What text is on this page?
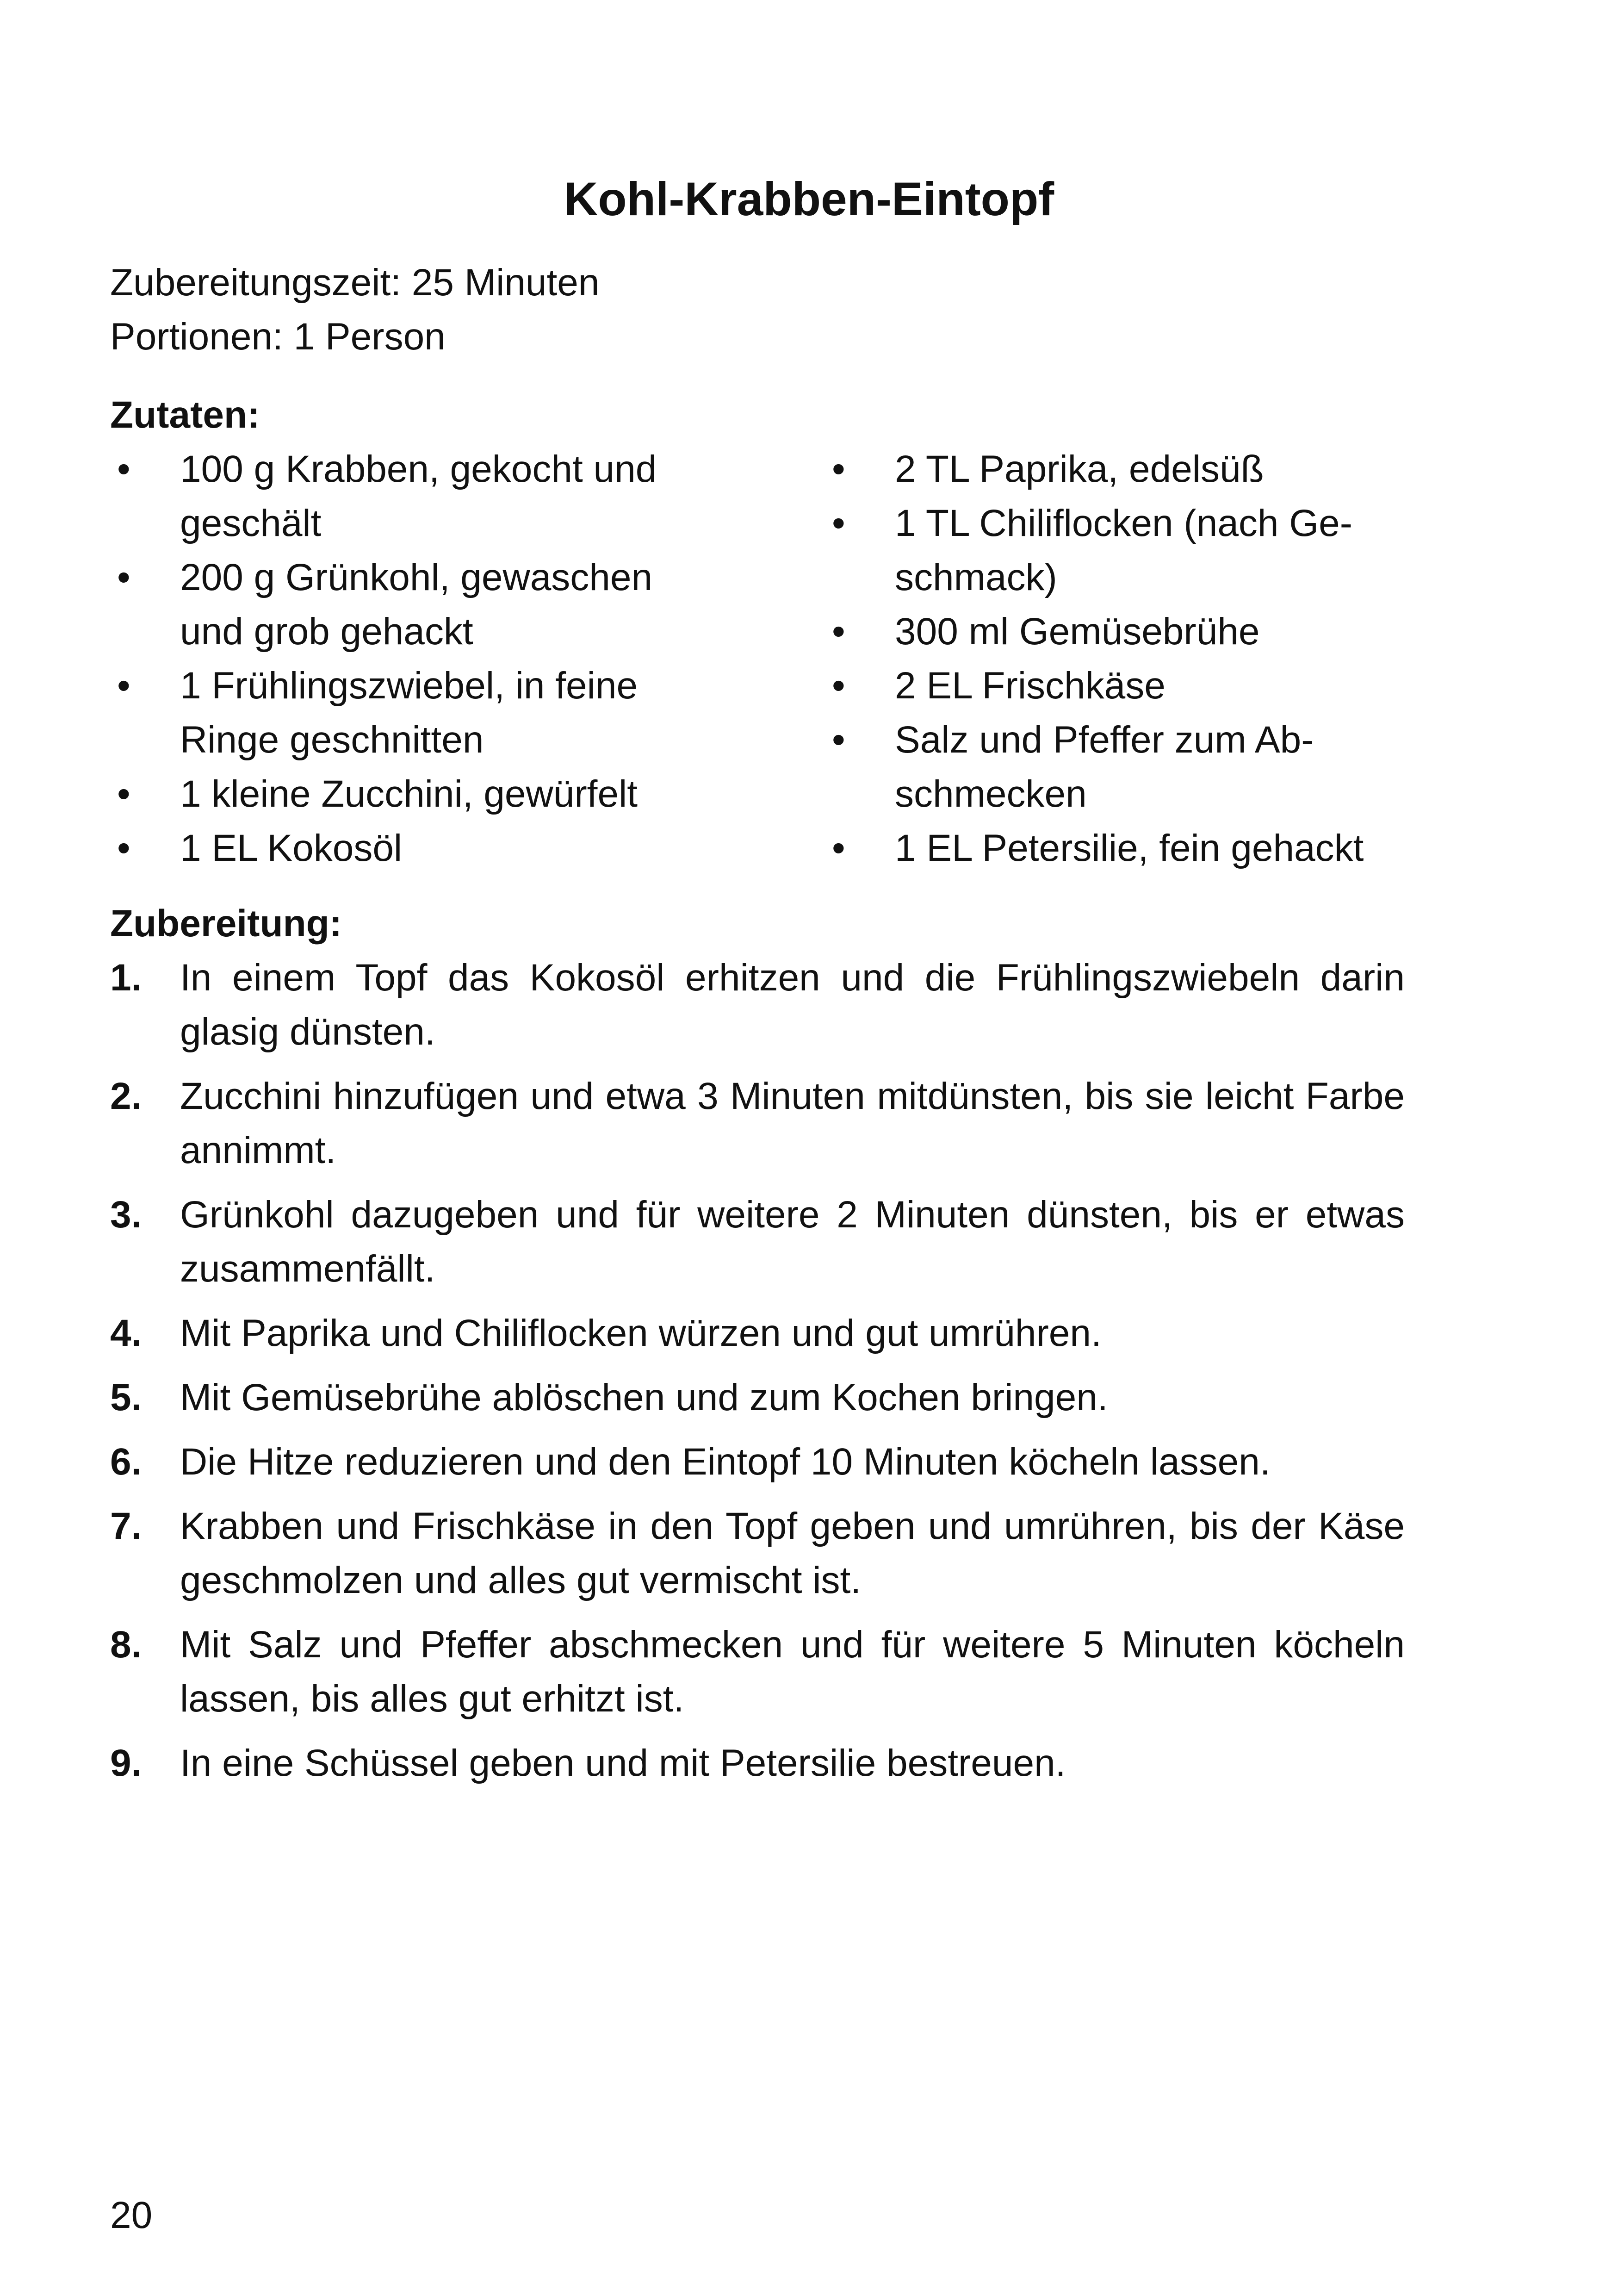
Kohl-Krabben-Eintopf
Zubereitungszeit: 25 Minuten
Portionen: 1 Person
Zutaten:
• 100 g Krabben, gekocht und geschält
• 200 g Grünkohl, gewaschen und grob gehackt
• 1 Frühlingszwiebel, in feine Ringe geschnitten
• 1 kleine Zucchini, gewürfelt
• 1 EL Kokosöl
• 2 TL Paprika, edelsüß
• 1 TL Chiliflocken (nach Ge-schmack)
• 300 ml Gemüsebrühe
• 2 EL Frischkäse
• Salz und Pfeffer zum Ab-schmecken
• 1 EL Petersilie, fein gehackt
Zubereitung:
1. In einem Topf das Kokosöl erhitzen und die Frühlingszwiebeln darin glasig dünsten.
2. Zucchini hinzufügen und etwa 3 Minuten mitdünsten, bis sie leicht Farbe annimmt.
3. Grünkohl dazugeben und für weitere 2 Minuten dünsten, bis er etwas zusammenfällt.
4. Mit Paprika und Chiliflocken würzen und gut umrühren.
5. Mit Gemüsebrühe ablöschen und zum Kochen bringen.
6. Die Hitze reduzieren und den Eintopf 10 Minuten köcheln lassen.
7. Krabben und Frischkäse in den Topf geben und umrühren, bis der Käse geschmolzen und alles gut vermischt ist.
8. Mit Salz und Pfeffer abschmecken und für weitere 5 Minuten köcheln lassen, bis alles gut erhitzt ist.
9. In eine Schüssel geben und mit Petersilie bestreuen.
20
